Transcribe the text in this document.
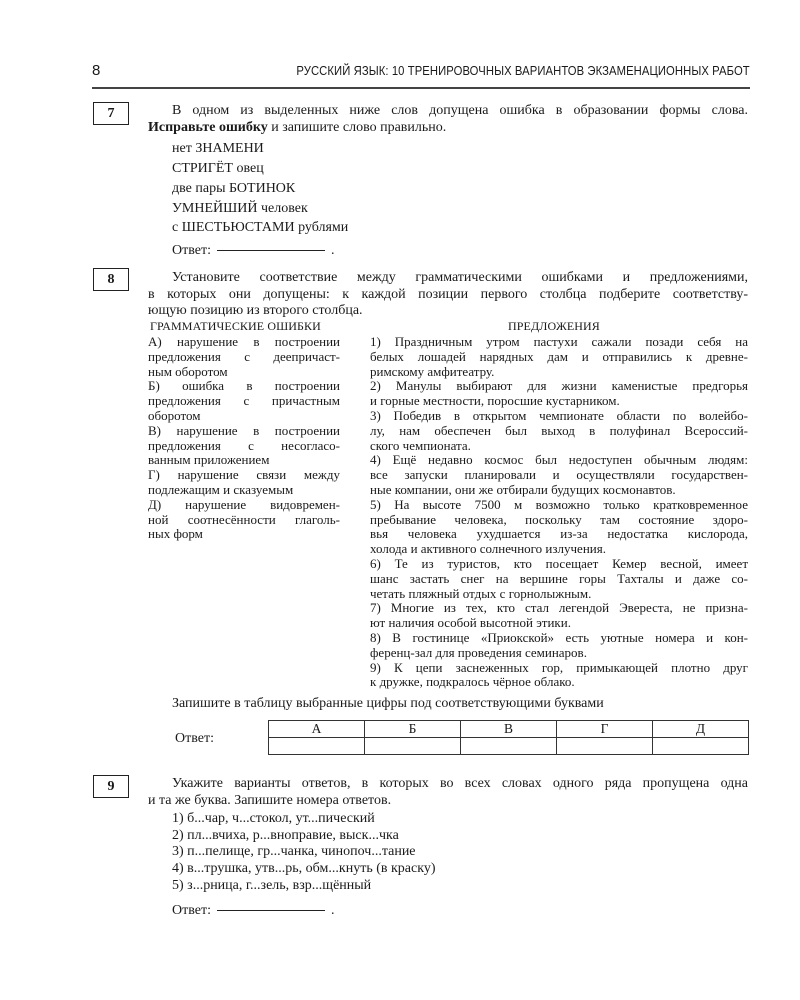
8	РУССКИЙ ЯЗЫК: 10 ТРЕНИРОВОЧНЫХ ВАРИАНТОВ ЭКЗАМЕНАЦИОННЫХ РАБОТ
7	В одном из выделенных ниже слов допущена ошибка в образовании формы слова.
Исправьте ошибку и запишите слово правильно.
нет ЗНАМЕНИ
СТРИГЁТ овец
две пары БОТИНОК
УМНЕЙШИЙ человек
с ШЕСТЬЮСТАМИ рублями
Ответ:	.
8	Установите соответствие между грамматическими ошибками и предложениями,
в которых они допущены: к каждой позиции первого столбца подберите соответству-
ющую позицию из второго столбца.
ГРАММАТИЧЕСКИЕ ОШИБКИ	ПРЕДЛОЖЕНИЯ
А) нарушение в построении
предложения с деепричаст-
ным оборотом
Б) ошибка в построении
предложения с причастным
оборотом
В) нарушение в построении
предложения с несогласо-
ванным приложением
Г) нарушение связи между
подлежащим и сказуемым
Д) нарушение видовремен-
ной соотнесённости глаголь-
ных форм
1) Праздничным утром пастухи сажали позади себя на
белых лошадей нарядных дам и отправились к древне-
римскому амфитеатру.
2) Манулы выбирают для жизни каменистые предгорья
и горные местности, поросшие кустарником.
3) Победив в открытом чемпионате области по волейбо-
лу, нам обеспечен был выход в полуфинал Всероссий-
ского чемпионата.
4) Ещё недавно космос был недоступен обычным людям:
все запуски планировали и осуществляли государствен-
ные компании, они же отбирали будущих космонавтов.
5) На высоте 7500 м возможно только кратковременное
пребывание человека, поскольку там состояние здоро-
вья человека ухудшается из-за недостатка кислорода,
холода и активного солнечного излучения.
6) Те из туристов, кто посещает Кемер весной, имеет
шанс застать снег на вершине горы Тахталы и даже со-
четать пляжный отдых с горнолыжным.
7) Многие из тех, кто стал легендой Эвереста, не призна-
ют наличия особой высотной этики.
8) В гостинице «Приокской» есть уютные номера и кон-
ференц-зал для проведения семинаров.
9) К цепи заснеженных гор, примыкающей плотно друг
к дружке, подкралось чёрное облако.
Запишите в таблицу выбранные цифры под соответствующими буквами
Ответ:
А	Б	В	Г	Д

9	Укажите варианты ответов, в которых во всех словах одного ряда пропущена одна
и та же буква. Запишите номера ответов.
1) б...чар, ч...стокол, ут...пический
2) пл...вчиха, р...вноправие, выск...чка
3) п...пелище, гр...чанка, чинопоч...тание
4) в...трушка, утв...рь, обм...кнуть (в краску)
5) з...рница, г...зель, взр...щённый
Ответ:	.
